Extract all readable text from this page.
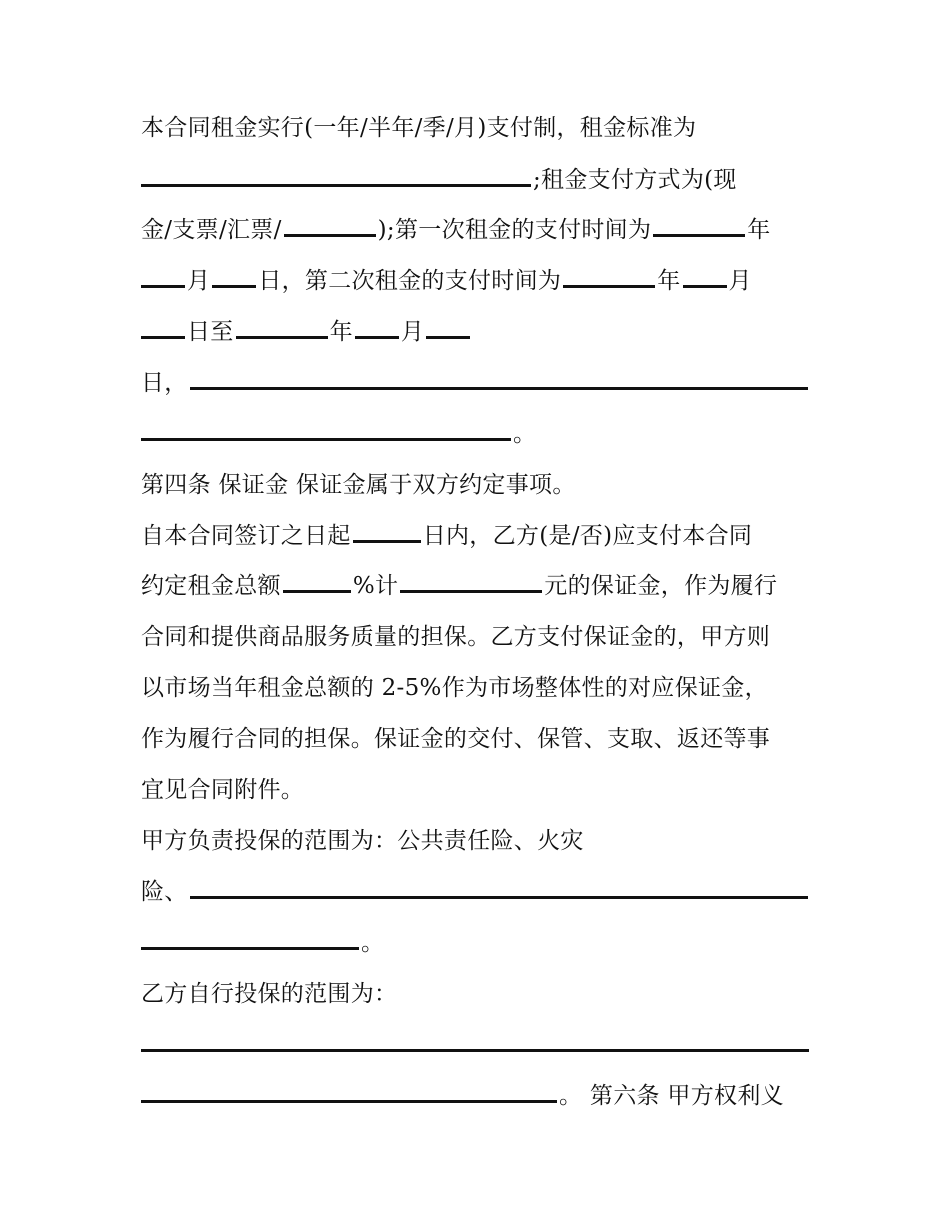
本合同租金实行(一年/半年/季/月)支付制，租金标准为
;租金支付方式为(现
金/支票/汇票/	);第一次租金的支付时间为	年
月 日，第二次租金的支付时间为	年 月
日至	年 月
日，
。
第四条 保证金 保证金属于双方约定事项。
自本合同签订之日起	日内，乙方(是/否)应支付本合同
约定租金总额	%计	元的保证金，作为履行
合同和提供商品服务质量的担保。乙方支付保证金的，甲方则
以市场当年租金总额的 2-5%作为市场整体性的对应保证金，
作为履行合同的担保。保证金的交付、保管、支取、返还等事
宜见合同附件。
甲方负责投保的范围为：公共责任险、火灾
险、
。
乙方自行投保的范围为：
。 第六条 甲方权利义
